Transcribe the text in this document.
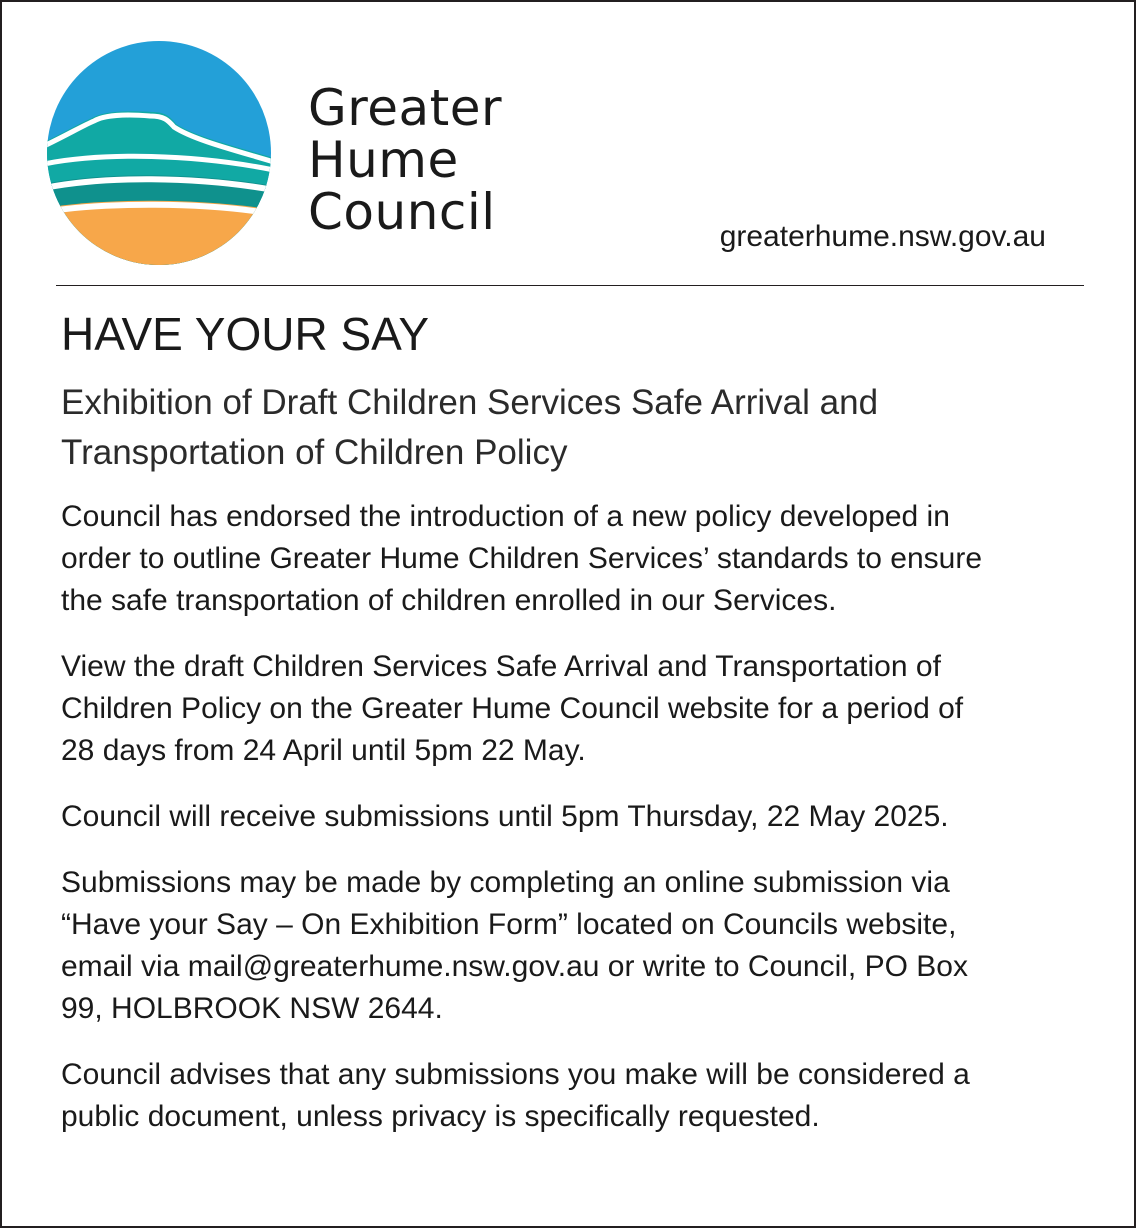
Greater
Hume
Council	greaterhume.nsw.gov.au
HAVE YOUR SAY
Exhibition of Draft Children Services Safe Arrival and
Transportation of Children Policy
Council has endorsed the introduction of a new policy developed in
order to outline Greater Hume Children Services’ standards to ensure
the safe transportation of children enrolled in our Services.
View the draft Children Services Safe Arrival and Transportation of
Children Policy on the Greater Hume Council website for a period of
28 days from 24 April until 5pm 22 May.
Council will receive submissions until 5pm Thursday, 22 May 2025.
Submissions may be made by completing an online submission via
“Have your Say – On Exhibition Form” located on Councils website,
email via mail@greaterhume.nsw.gov.au or write to Council, PO Box
99, HOLBROOK NSW 2644.
Council advises that any submissions you make will be considered a
public document, unless privacy is specifically requested.
